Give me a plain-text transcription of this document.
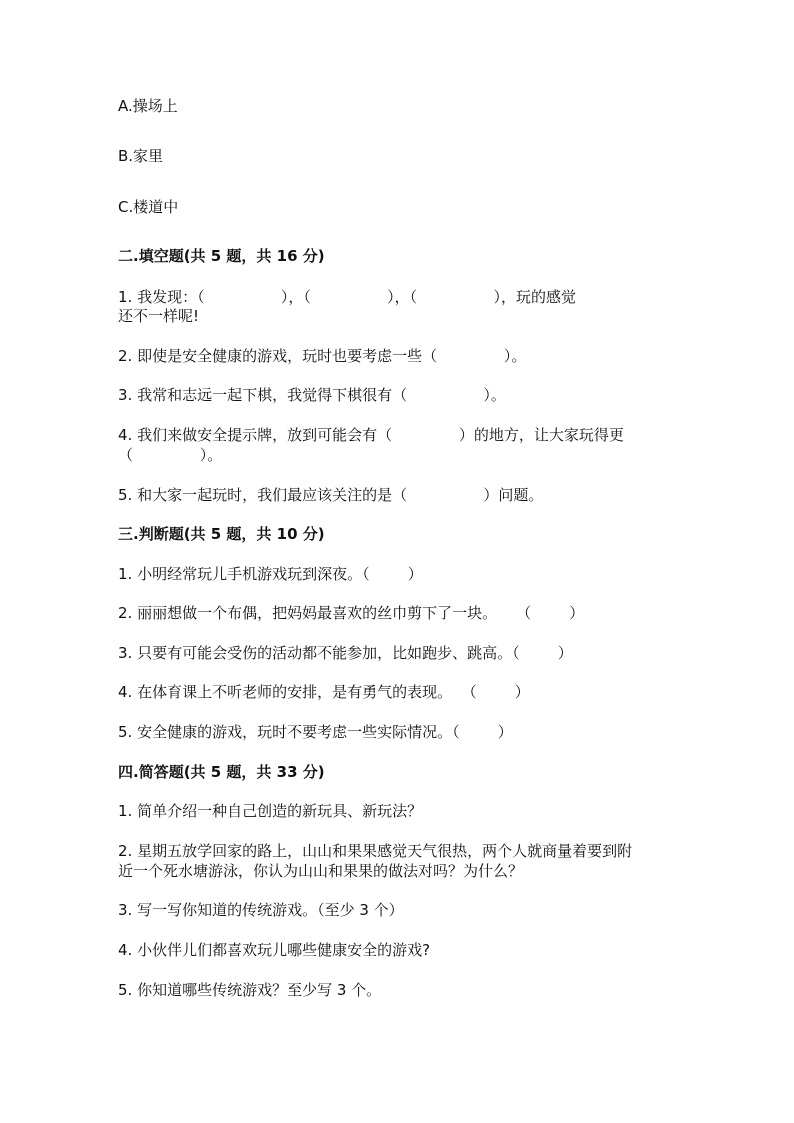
A.操场上
B.家里
C.楼道中
二.填空题(共 5 题，共 16 分)
1. 我发现：（                ），（                ），（                ），玩的感觉
还不一样呢!
2. 即使是安全健康的游戏，玩时也要考虑一些（              ）。
3. 我常和志远一起下棋，我觉得下棋很有（                ）。
4. 我们来做安全提示牌，放到可能会有（              ）的地方，让大家玩得更
（              ）。
5. 和大家一起玩时，我们最应该关注的是（                ）问题。
三.判断题(共 5 题，共 10 分)
1. 小明经常玩儿手机游戏玩到深夜。（        ）
2. 丽丽想做一个布偶，把妈妈最喜欢的丝巾剪下了一块。    （        ）
3. 只要有可能会受伤的活动都不能参加，比如跑步、跳高。（        ）
4. 在体育课上不听老师的安排，是有勇气的表现。  （        ）
5. 安全健康的游戏，玩时不要考虑一些实际情况。（        ）
四.简答题(共 5 题，共 33 分)
1. 简单介绍一种自己创造的新玩具、新玩法？
2. 星期五放学回家的路上，山山和果果感觉天气很热，两个人就商量着要到附
近一个死水塘游泳，你认为山山和果果的做法对吗？为什么？
3. 写一写你知道的传统游戏。（至少 3 个）
4. 小伙伴儿们都喜欢玩儿哪些健康安全的游戏?
5. 你知道哪些传统游戏？至少写 3 个。
